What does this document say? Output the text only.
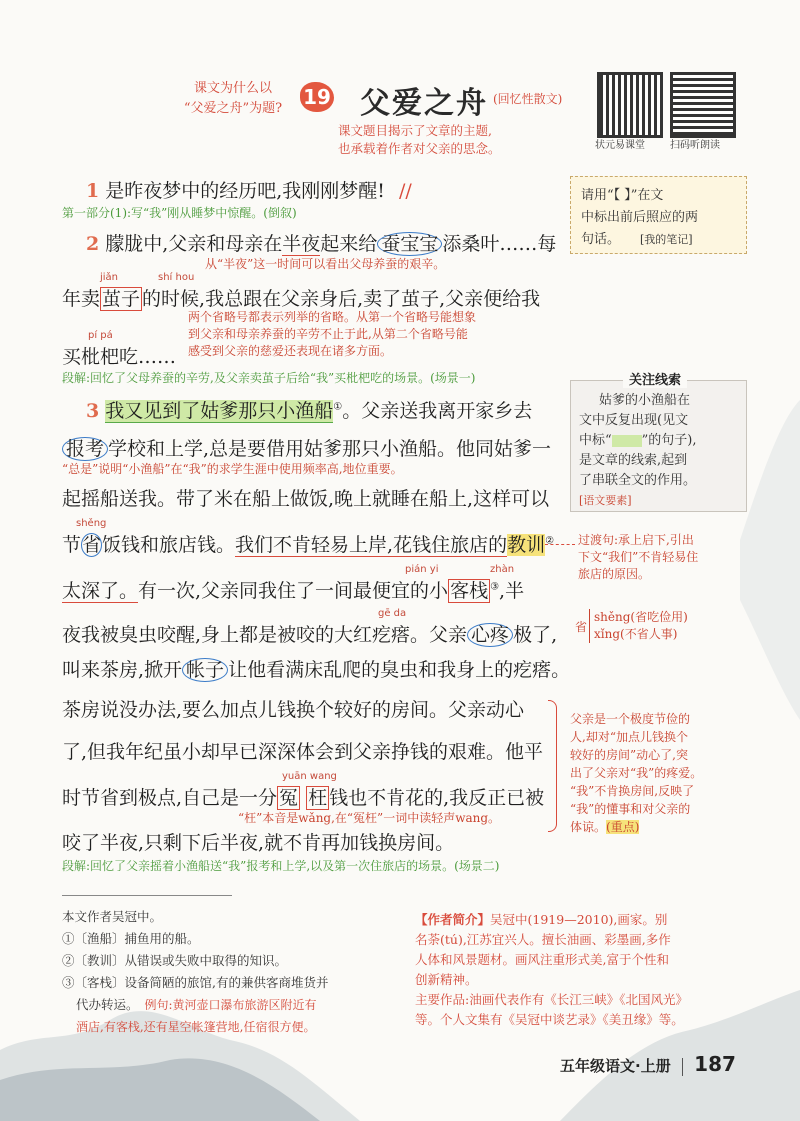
课文为什么以
“父爱之舟”为题?	19 父爱之舟 (回忆性散文)
课文题目揭示了文章的主题,
也承载着作者对父亲的思念。	状元易课堂	扫码听朗读
1 是昨夜梦中的经历吧,我刚刚梦醒! //
第一部分(1):写“我”刚从睡梦中惊醒。(倒叙)
2 朦胧中,父亲和母亲在半夜起来给 蚕宝宝 添桑叶……每
从“半夜”这一时间可以看出父母养蚕的艰辛。
jiǎn	shí hou
年卖 茧子 的时候,我总跟在父亲身后,卖了茧子,父亲便给我
两个省略号都表示列举的省略。从第一个省略号能想象
到父亲和母亲养蚕的辛劳不止于此,从第二个省略号能
感受到父亲的慈爱还表现在诸多方面。
pí pá
买枇杷吃……
段解:回忆了父母养蚕的辛劳,及父亲卖茧子后给“我”买枇杷吃的场景。(场景一)
3 我又见到了姑爹那只小渔船①。父亲送我离开家乡去
报考 学校和上学,总是要借用姑爹那只小渔船。他同姑爹一
“总是”说明“小渔船”在“我”的求学生涯中使用频率高,地位重要。
起摇船送我。带了米在船上做饭,晚上就睡在船上,这样可以
shěng
节省饭钱和旅店钱。我们不肯轻易上岸,花钱住旅店的教训②
pián yi	zhàn
太深了。有一次,父亲同我住了一间最便宜的小 客栈 ③,半
gē da
夜我被臭虫咬醒,身上都是被咬的大红疙瘩。父亲 心疼 极了,
叫来茶房,掀开 帐子 让他看满床乱爬的臭虫和我身上的疙瘩。
茶房说没办法,要么加点儿钱换个较好的房间。父亲动心
了,但我年纪虽小却早已深深体会到父亲挣钱的艰难。他平
yuān wang
时节省到极点,自己是一分 冤 枉 钱也不肯花的,我反正已被
“枉”本音是wǎng,在“冤枉”一词中读轻声wang。
咬了半夜,只剩下后半夜,就不肯再加钱换房间。
段解:回忆了父亲摇着小渔船送“我”报考和上学,以及第一次住旅店的场景。(场景二)
请用“【 】”在文
中标出前后照应的两
句话。 [我的笔记]
关注线索
姑爹的小渔船在
文中反复出现(见文
中标“ ”的句子),
是文章的线索,起到
了串联全文的作用。
[语文要素]
过渡句:承上启下,引出
下文“我们”不肯轻易住
旅店的原因。
省
shěng(省吃俭用)
xǐng(不省人事)
父亲是一个极度节俭的
人,却对“加点儿钱换个
较好的房间”动心了,突
出了父亲对“我”的疼爱。
“我”不肯换房间,反映了
“我”的懂事和对父亲的
体谅。(重点)
本文作者吴冠中。
①〔渔船〕捕鱼用的船。
②〔教训〕从错误或失败中取得的知识。
③〔客栈〕设备简陋的旅馆,有的兼供客商堆货并
代办转运。 例句:黄河壶口瀑布旅游区附近有
酒店,有客栈,还有星空帐篷营地,任宿很方便。
【作者简介】吴冠中(1919—2010),画家。别
名荼(tú),江苏宜兴人。擅长油画、彩墨画,多作
人体和风景题材。画风注重形式美,富于个性和
创新精神。
主要作品:油画代表作有《长江三峡》《北国风光》
等。个人文集有《吴冠中谈艺录》《美丑缘》等。
五年级语文·上册 187
